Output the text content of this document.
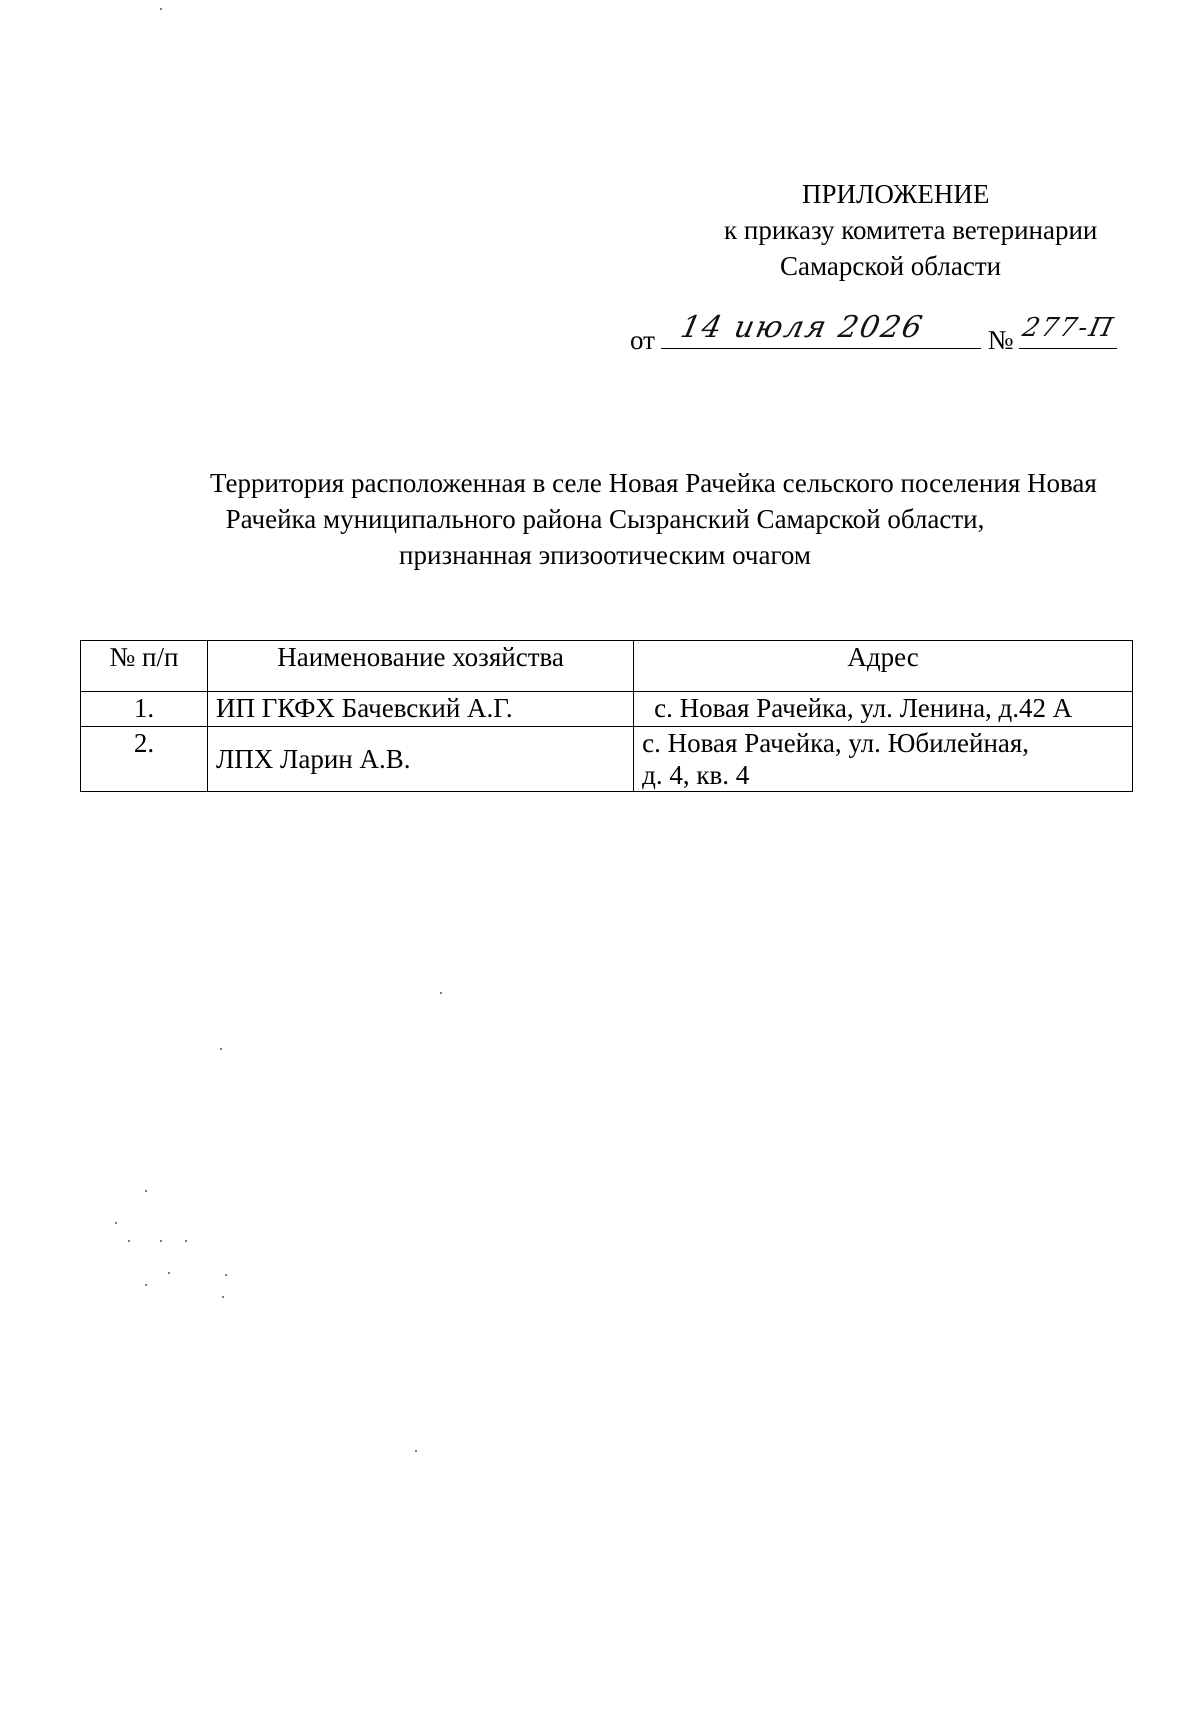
ПРИЛОЖЕНИЕ
к приказу комитета ветеринарии
Самарской области
от 14 июля 2026 № 277-П
Территория расположенная в селе Новая Рачейка сельского поселения Новая
Рачейка муниципального района Сызранский Самарской области,
признанная эпизоотическим очагом
№ п/п	Наименование хозяйства	Адрес
1.	ИП ГКФХ Бачевский А.Г.	с. Новая Рачейка, ул. Ленина, д.42 А
2.	ЛПХ Ларин А.В.	с. Новая Рачейка, ул. Юбилейная,
д. 4, кв. 4
